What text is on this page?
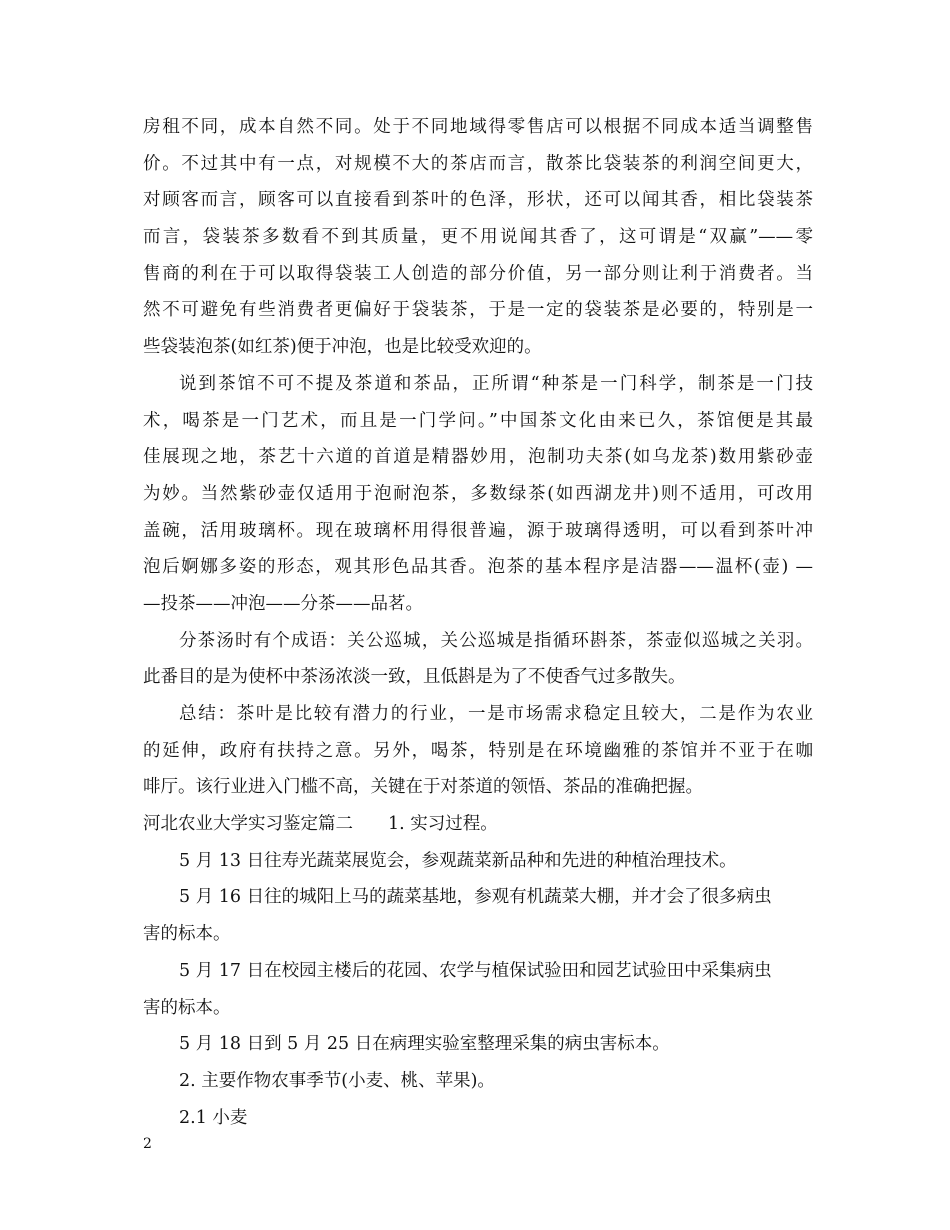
房租不同，成本自然不同。处于不同地域得零售店可以根据不同成本适当调整售
价。不过其中有一点，对规模不大的茶店而言，散茶比袋装茶的利润空间更大，
对顾客而言，顾客可以直接看到茶叶的色泽，形状，还可以闻其香，相比袋装茶
而言，袋装茶多数看不到其质量，更不用说闻其香了，这可谓是“双赢”——零
售商的利在于可以取得袋装工人创造的部分价值，另一部分则让利于消费者。当
然不可避免有些消费者更偏好于袋装茶，于是一定的袋装茶是必要的，特别是一
些袋装泡茶(如红茶)便于冲泡，也是比较受欢迎的。
说到茶馆不可不提及茶道和茶品，正所谓“种茶是一门科学，制茶是一门技
术，喝茶是一门艺术，而且是一门学问。”中国茶文化由来已久，茶馆便是其最
佳展现之地，茶艺十六道的首道是精器妙用，泡制功夫茶(如乌龙茶)数用紫砂壶
为妙。当然紫砂壶仅适用于泡耐泡茶，多数绿茶(如西湖龙井)则不适用，可改用
盖碗，活用玻璃杯。现在玻璃杯用得很普遍，源于玻璃得透明，可以看到茶叶冲
泡后婀娜多姿的形态，观其形色品其香。泡茶的基本程序是洁器——温杯(壶) —
—投茶——冲泡——分茶——品茗。
分茶汤时有个成语：关公巡城，关公巡城是指循环斟茶，茶壶似巡城之关羽。
此番目的是为使杯中茶汤浓淡一致，且低斟是为了不使香气过多散失。
总结：茶叶是比较有潜力的行业，一是市场需求稳定且较大，二是作为农业
的延伸，政府有扶持之意。另外，喝茶，特别是在环境幽雅的茶馆并不亚于在咖
啡厅。该行业进入门槛不高，关键在于对茶道的领悟、茶品的准确把握。
河北农业大学实习鉴定篇二　　1. 实习过程。
5 月 13 日往寿光蔬菜展览会，参观蔬菜新品种和先进的种植治理技术。
5 月 16 日往的城阳上马的蔬菜基地，参观有机蔬菜大棚，并才会了很多病虫
害的标本。
5 月 17 日在校园主楼后的花园、农学与植保试验田和园艺试验田中采集病虫
害的标本。
5 月 18 日到 5 月 25 日在病理实验室整理采集的病虫害标本。
2. 主要作物农事季节(小麦、桃、苹果)。
2.1 小麦
2
